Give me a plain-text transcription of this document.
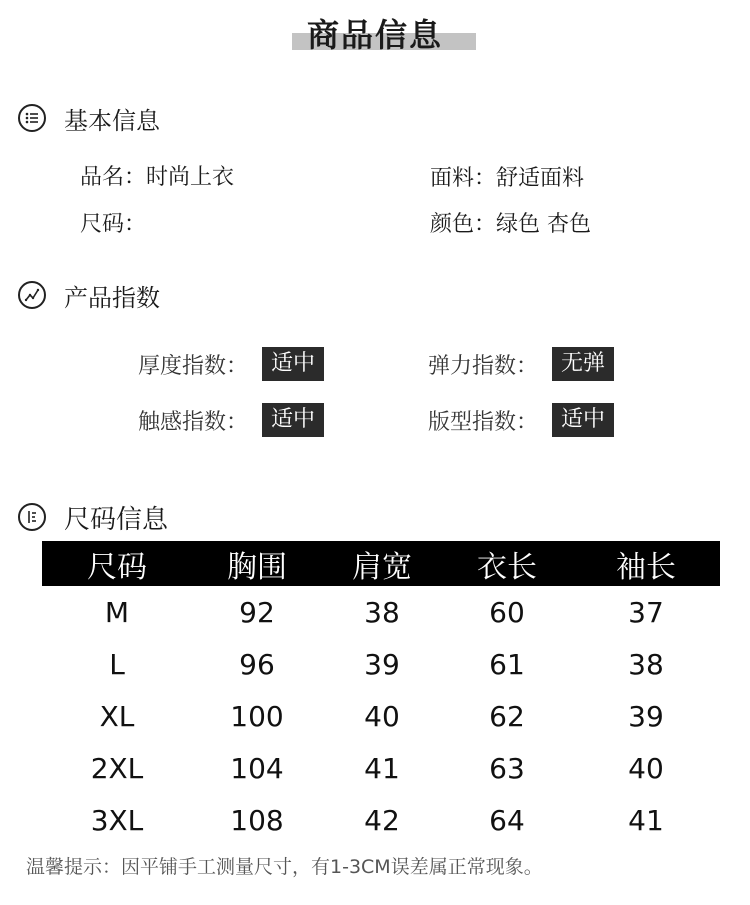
商品信息
基本信息
品名：时尚上衣	面料：舒适面料
尺码：	颜色：绿色 杏色
产品指数
厚度指数：	适中	弹力指数：	无弹
触感指数：	适中	版型指数：	适中
尺码信息
尺码	胸围	肩宽	衣长	袖长
M	92	38	60	37
L	96	39	61	38
XL	100	40	62	39
2XL	104	41	63	40
3XL	108	42	64	41
温馨提示：因平铺手工测量尺寸，有1-3CM误差属正常现象。
